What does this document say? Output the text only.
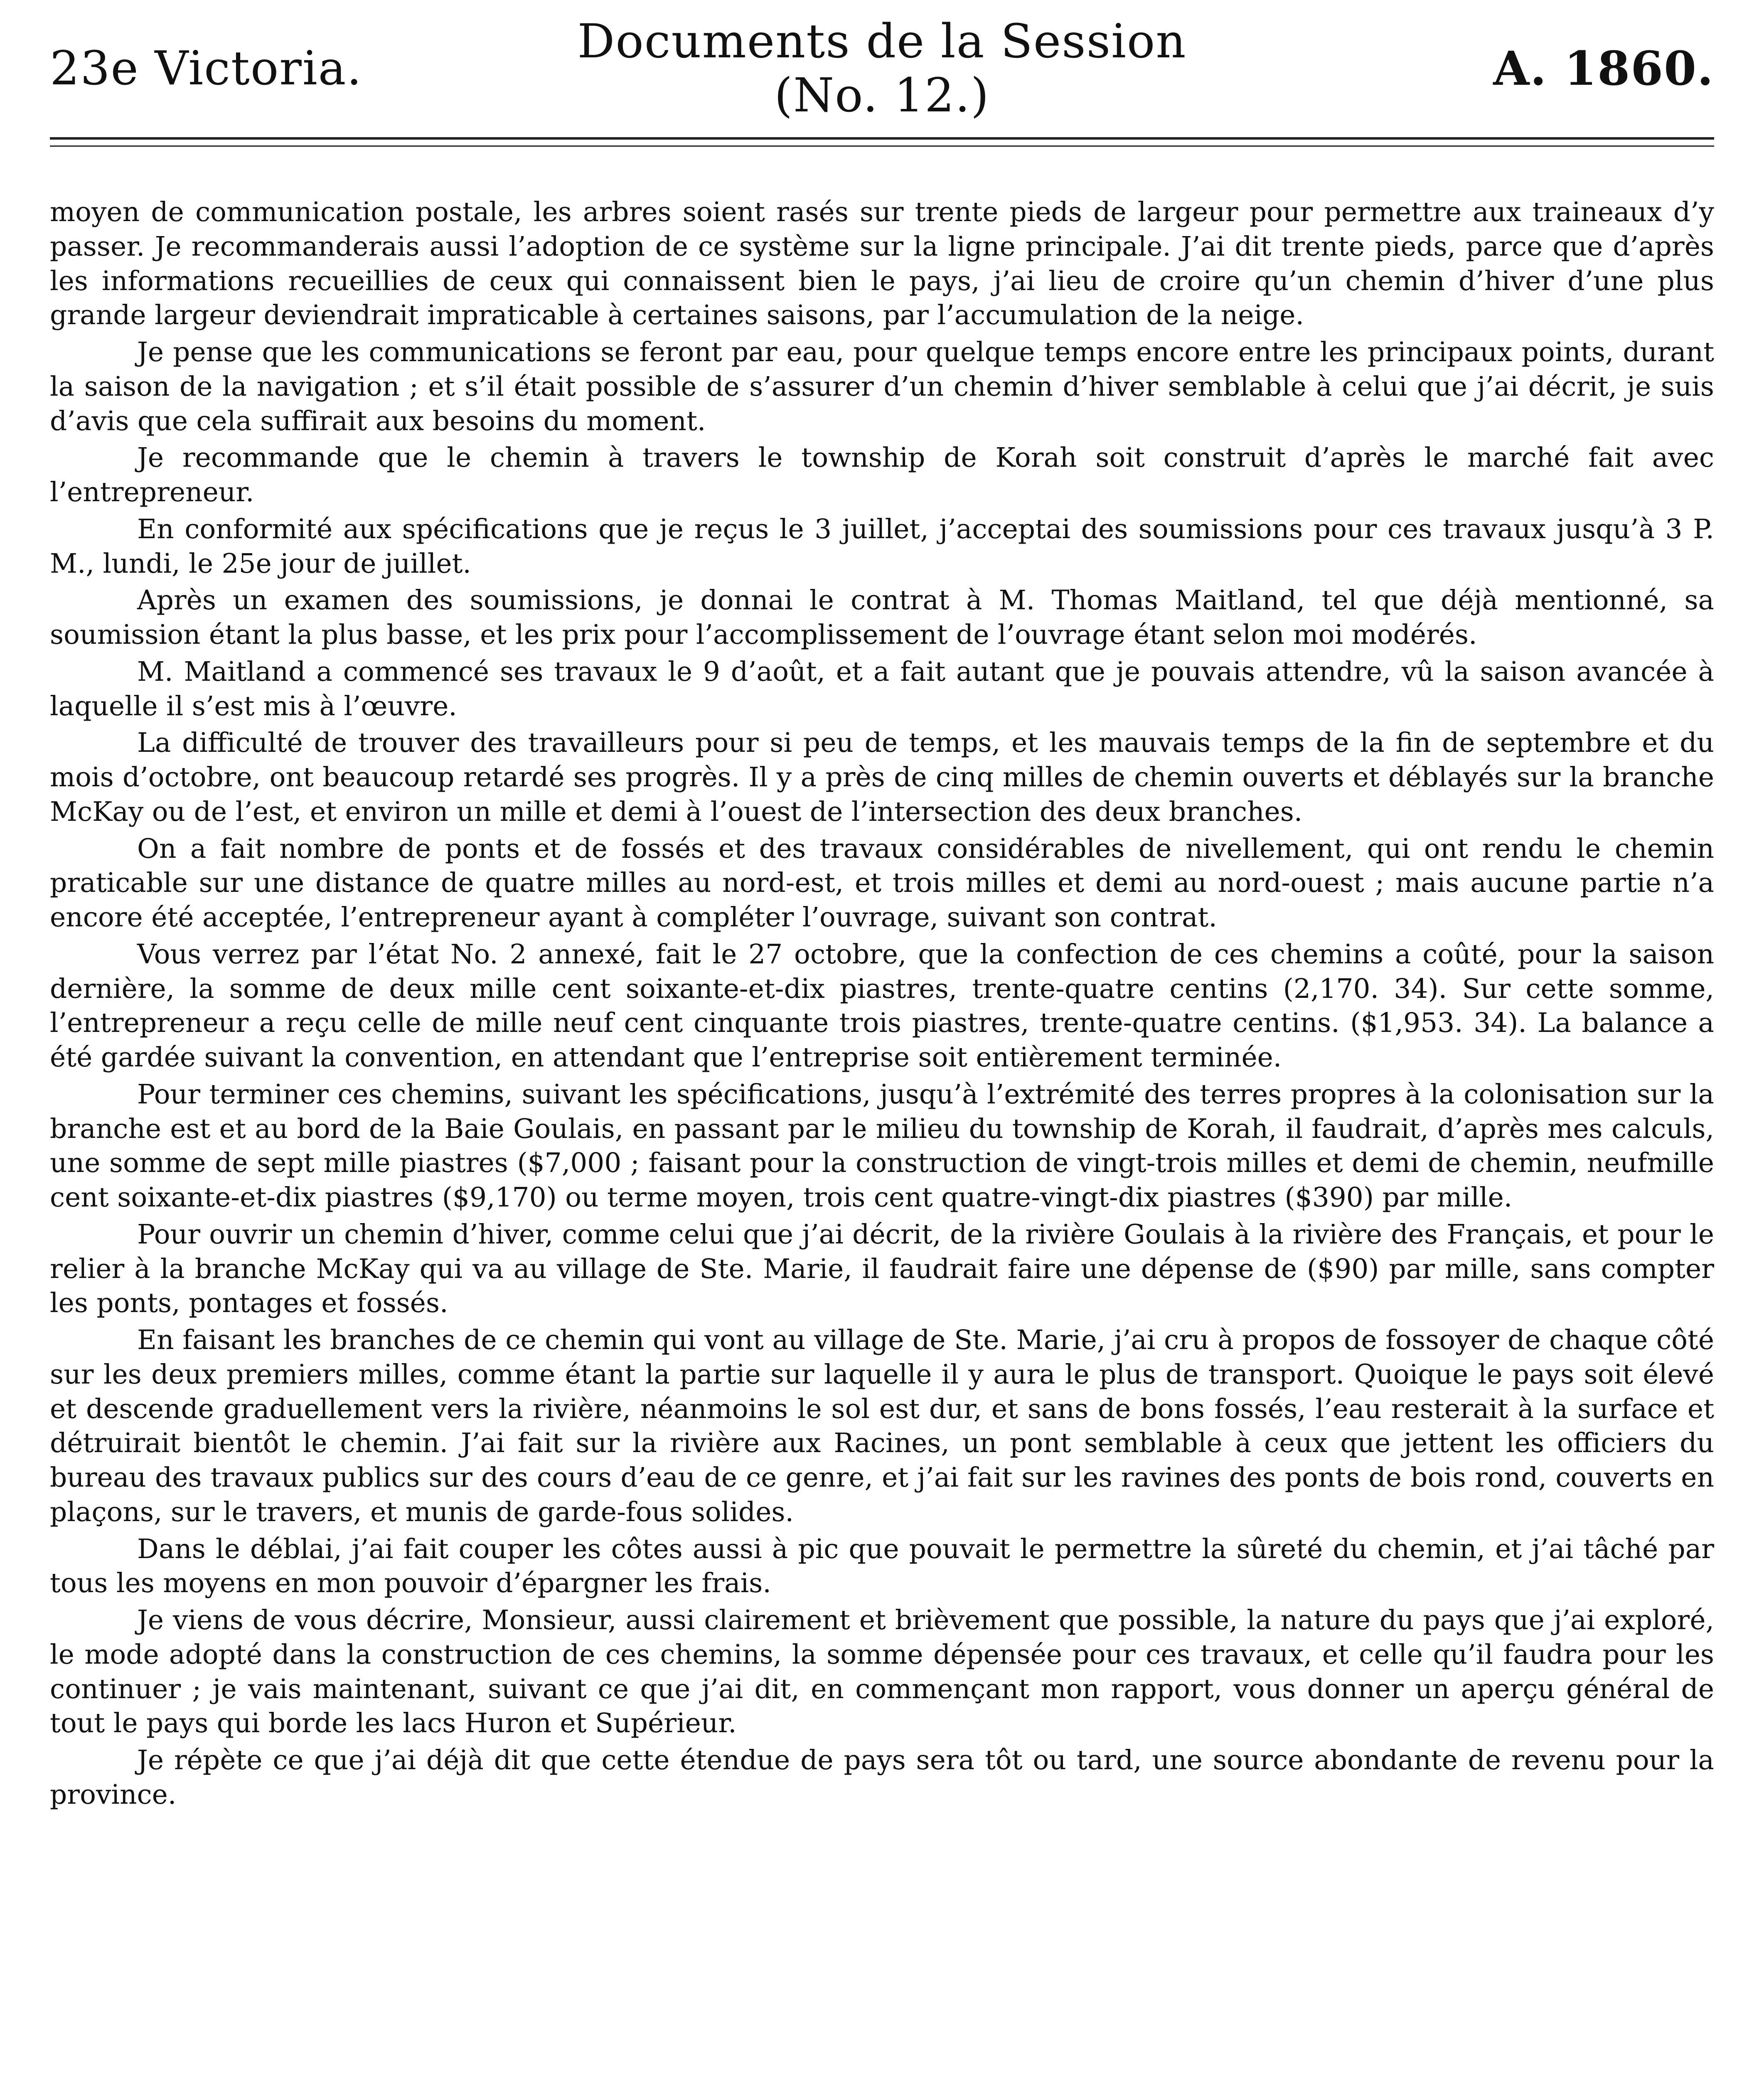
23e Victoria.	Documents de la Session (No. 12.)	A. 1860.

moyen de communication postale, les arbres soient rasés sur trente pieds de largeur pour permettre aux traineaux d’y passer. Je recommanderais aussi l’adoption de ce système sur la ligne principale. J’ai dit trente pieds, parce que d’après les informations recueillies de ceux qui connaissent bien le pays, j’ai lieu de croire qu’un chemin d’hiver d’une plus grande largeur deviendrait impraticable à certaines saisons, par l’accumulation de la neige.

Je pense que les communications se feront par eau, pour quelque temps encore entre les principaux points, durant la saison de la navigation ; et s’il était possible de s’assurer d’un chemin d’hiver semblable à celui que j’ai décrit, je suis d’avis que cela suffirait aux besoins du moment.

Je recommande que le chemin à travers le township de Korah soit construit d’après le marché fait avec l’entrepreneur.

En conformité aux spécifications que je reçus le 3 juillet, j’acceptai des soumissions pour ces travaux jusqu’à 3 P. M., lundi, le 25e jour de juillet.

Après un examen des soumissions, je donnai le contrat à M. Thomas Maitland, tel que déjà mentionné, sa soumission étant la plus basse, et les prix pour l’accomplissement de l’ouvrage étant selon moi modérés.

M. Maitland a commencé ses travaux le 9 d’août, et a fait autant que je pouvais attendre, vû la saison avancée à laquelle il s’est mis à l’œuvre.

La difficulté de trouver des travailleurs pour si peu de temps, et les mauvais temps de la fin de septembre et du mois d’octobre, ont beaucoup retardé ses progrès. Il y a près de cinq milles de chemin ouverts et déblayés sur la branche McKay ou de l’est, et environ un mille et demi à l’ouest de l’intersection des deux branches.

On a fait nombre de ponts et de fossés et des travaux considérables de nivellement, qui ont rendu le chemin praticable sur une distance de quatre milles au nord-est, et trois milles et demi au nord-ouest ; mais aucune partie n’a encore été acceptée, l’entrepreneur ayant à compléter l’ouvrage, suivant son contrat.

Vous verrez par l’état No. 2 annexé, fait le 27 octobre, que la confection de ces chemins a coûté, pour la saison dernière, la somme de deux mille cent soixante-et-dix piastres, trente-quatre centins (2,170. 34). Sur cette somme, l’entrepreneur a reçu celle de mille neuf cent cinquante trois piastres, trente-quatre centins. ($1,953. 34). La balance a été gardée suivant la convention, en attendant que l’entreprise soit entièrement terminée.

Pour terminer ces chemins, suivant les spécifications, jusqu’à l’extrémité des terres propres à la colonisation sur la branche est et au bord de la Baie Goulais, en passant par le milieu du township de Korah, il faudrait, d’après mes calculs, une somme de sept mille piastres ($7,000 ; faisant pour la construction de vingt-trois milles et demi de chemin, neufmille cent soixante-et-dix piastres ($9,170) ou terme moyen, trois cent quatre-vingt-dix piastres ($390) par mille.

Pour ouvrir un chemin d’hiver, comme celui que j’ai décrit, de la rivière Goulais à la rivière des Français, et pour le relier à la branche McKay qui va au village de Ste. Marie, il faudrait faire une dépense de ($90) par mille, sans compter les ponts, pontages et fossés.

En faisant les branches de ce chemin qui vont au village de Ste. Marie, j’ai cru à propos de fossoyer de chaque côté sur les deux premiers milles, comme étant la partie sur laquelle il y aura le plus de transport. Quoique le pays soit élevé et descende graduellement vers la rivière, néanmoins le sol est dur, et sans de bons fossés, l’eau resterait à la surface et détruirait bientôt le chemin. J’ai fait sur la rivière aux Racines, un pont semblable à ceux que jettent les officiers du bureau des travaux publics sur des cours d’eau de ce genre, et j’ai fait sur les ravines des ponts de bois rond, couverts en plaçons, sur le travers, et munis de garde-fous solides.

Dans le déblai, j’ai fait couper les côtes aussi à pic que pouvait le permettre la sûreté du chemin, et j’ai tâché par tous les moyens en mon pouvoir d’épargner les frais.

Je viens de vous décrire, Monsieur, aussi clairement et brièvement que possible, la nature du pays que j’ai exploré, le mode adopté dans la construction de ces chemins, la somme dépensée pour ces travaux, et celle qu’il faudra pour les continuer ; je vais maintenant, suivant ce que j’ai dit, en commençant mon rapport, vous donner un aperçu général de tout le pays qui borde les lacs Huron et Supérieur.

Je répète ce que j’ai déjà dit que cette étendue de pays sera tôt ou tard, une source abondante de revenu pour la province.
